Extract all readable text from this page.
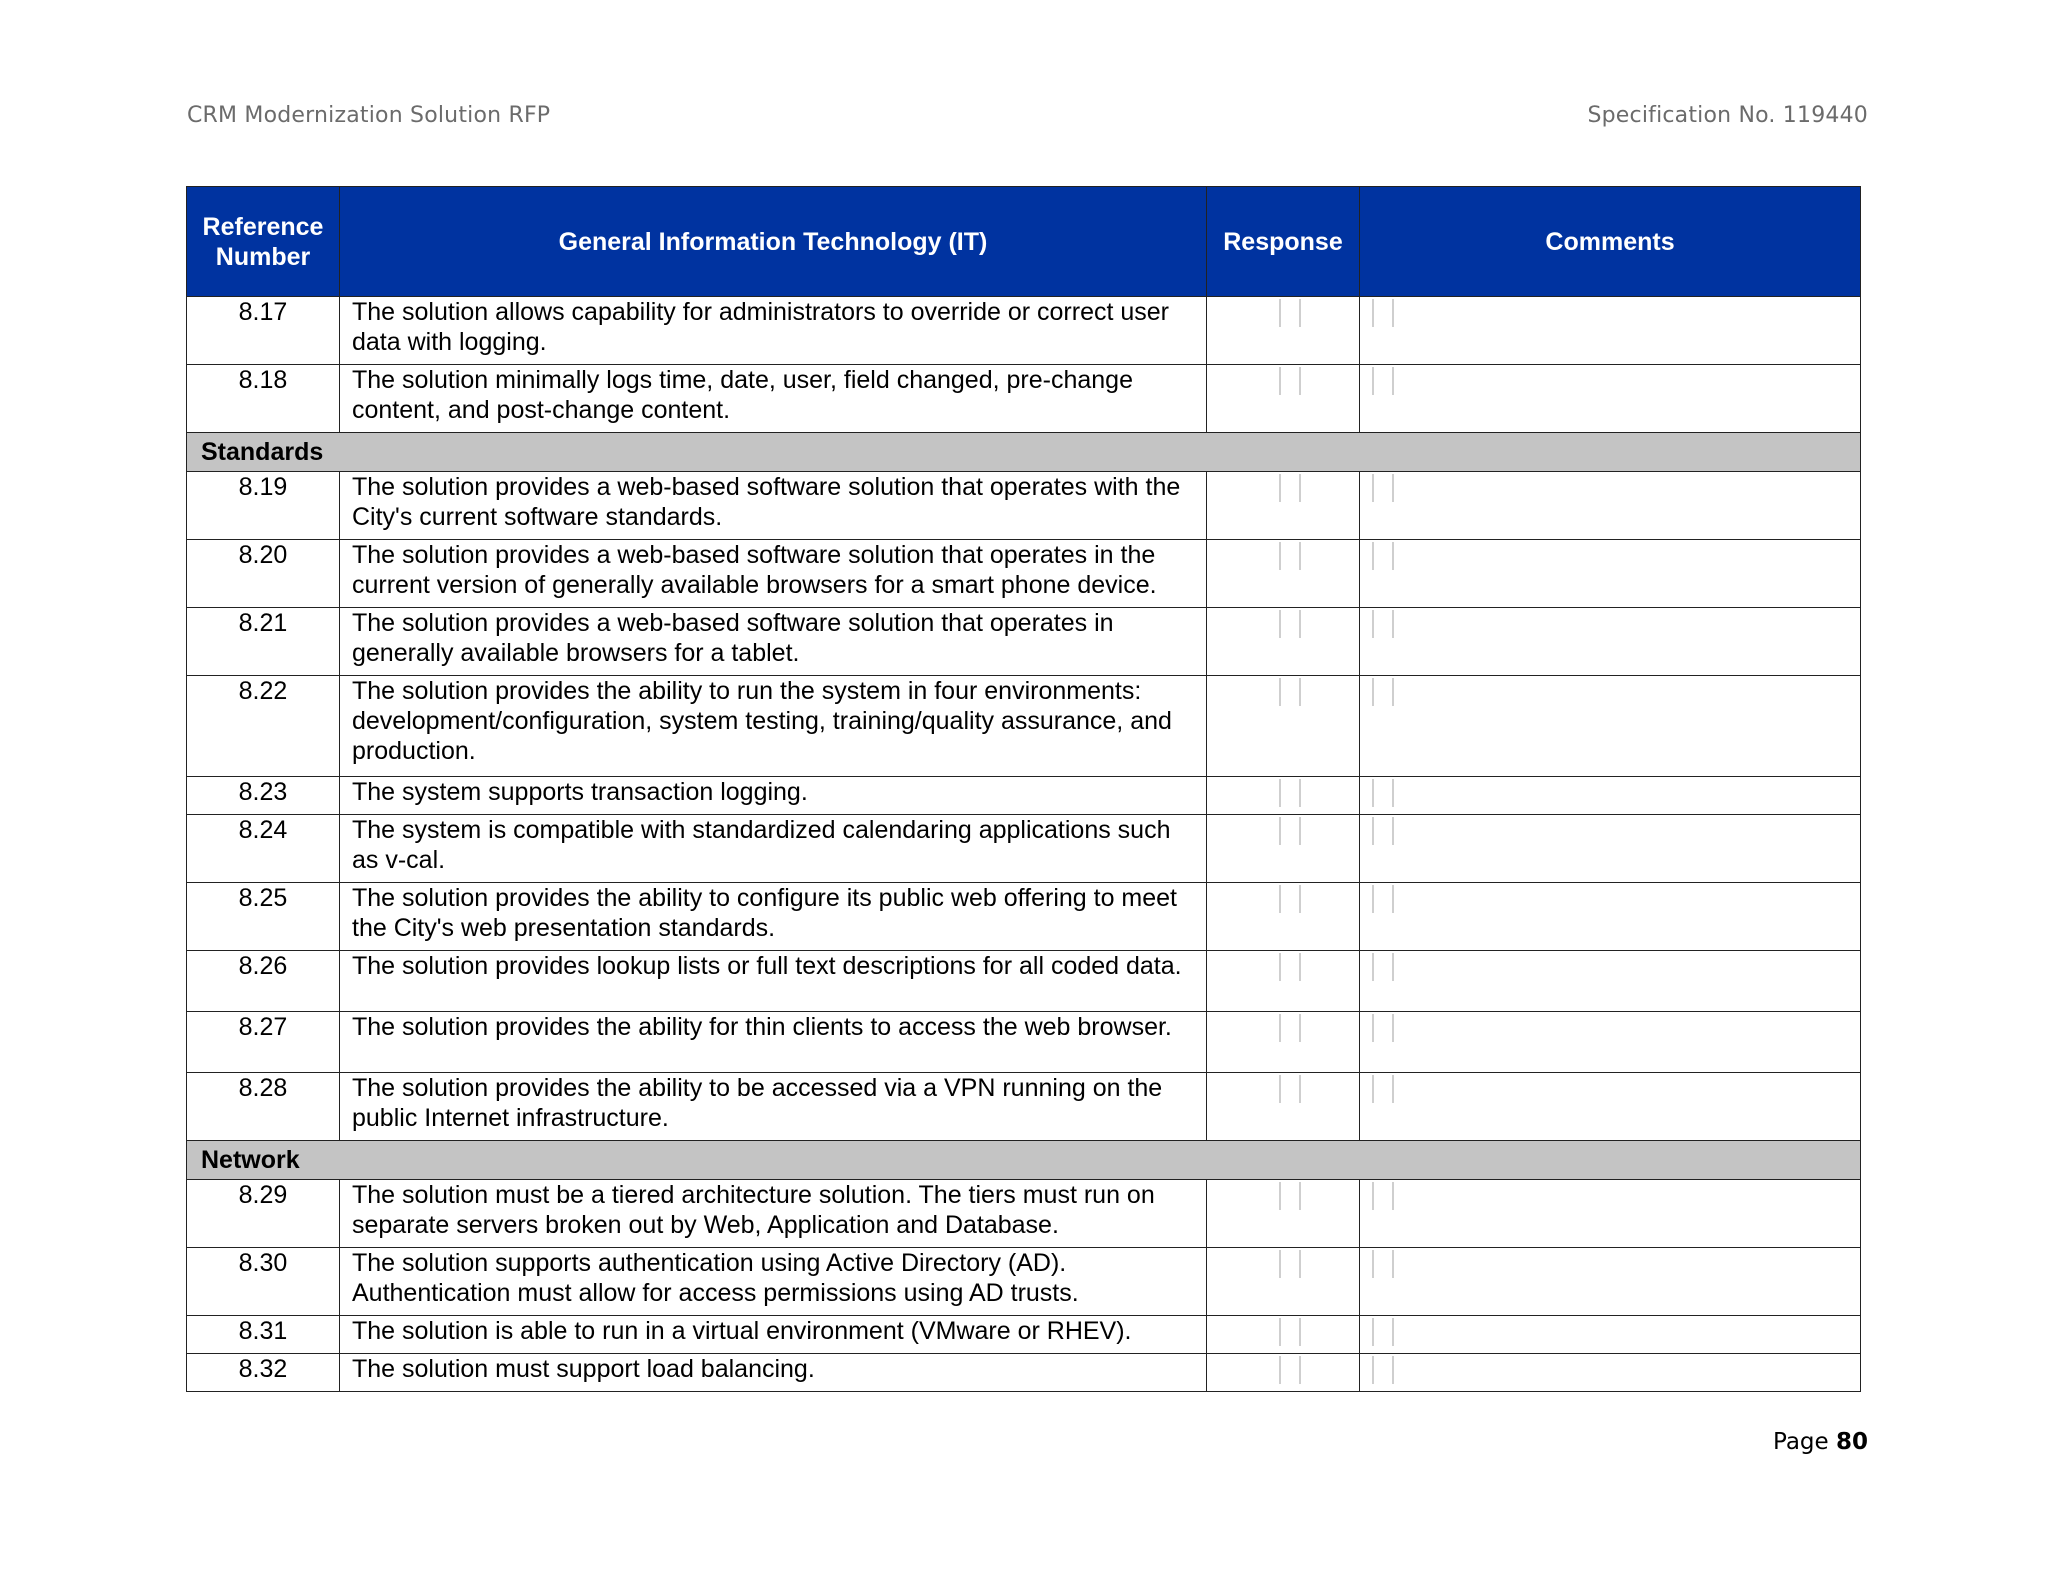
CRM Modernization Solution RFP	Specification No. 119440
Reference Number	General Information Technology (IT)	Response	Comments
8.17	The solution allows capability for administrators to override or correct user data with logging.		
8.18	The solution minimally logs time, date, user, field changed, pre-change content, and post-change content.		
Standards			
8.19	The solution provides a web-based software solution that operates with the City's current software standards.		
8.20	The solution provides a web-based software solution that operates in the current version of generally available browsers for a smart phone device.		
8.21	The solution provides a web-based software solution that operates in generally available browsers for a tablet.		
8.22	The solution provides the ability to run the system in four environments: development/configuration, system testing, training/quality assurance, and production.		
8.23	The system supports transaction logging.		
8.24	The system is compatible with standardized calendaring applications such as v-cal.		
8.25	The solution provides the ability to configure its public web offering to meet the City's web presentation standards.		
8.26	The solution provides lookup lists or full text descriptions for all coded data.		
8.27	The solution provides the ability for thin clients to access the web browser.		
8.28	The solution provides the ability to be accessed via a VPN running on the public Internet infrastructure.		
Network			
8.29	The solution must be a tiered architecture solution. The tiers must run on separate servers broken out by Web, Application and Database.		
8.30	The solution supports authentication using Active Directory (AD). Authentication must allow for access permissions using AD trusts.		
8.31	The solution is able to run in a virtual environment (VMware or RHEV).		
8.32	The solution must support load balancing.		
Page 80
